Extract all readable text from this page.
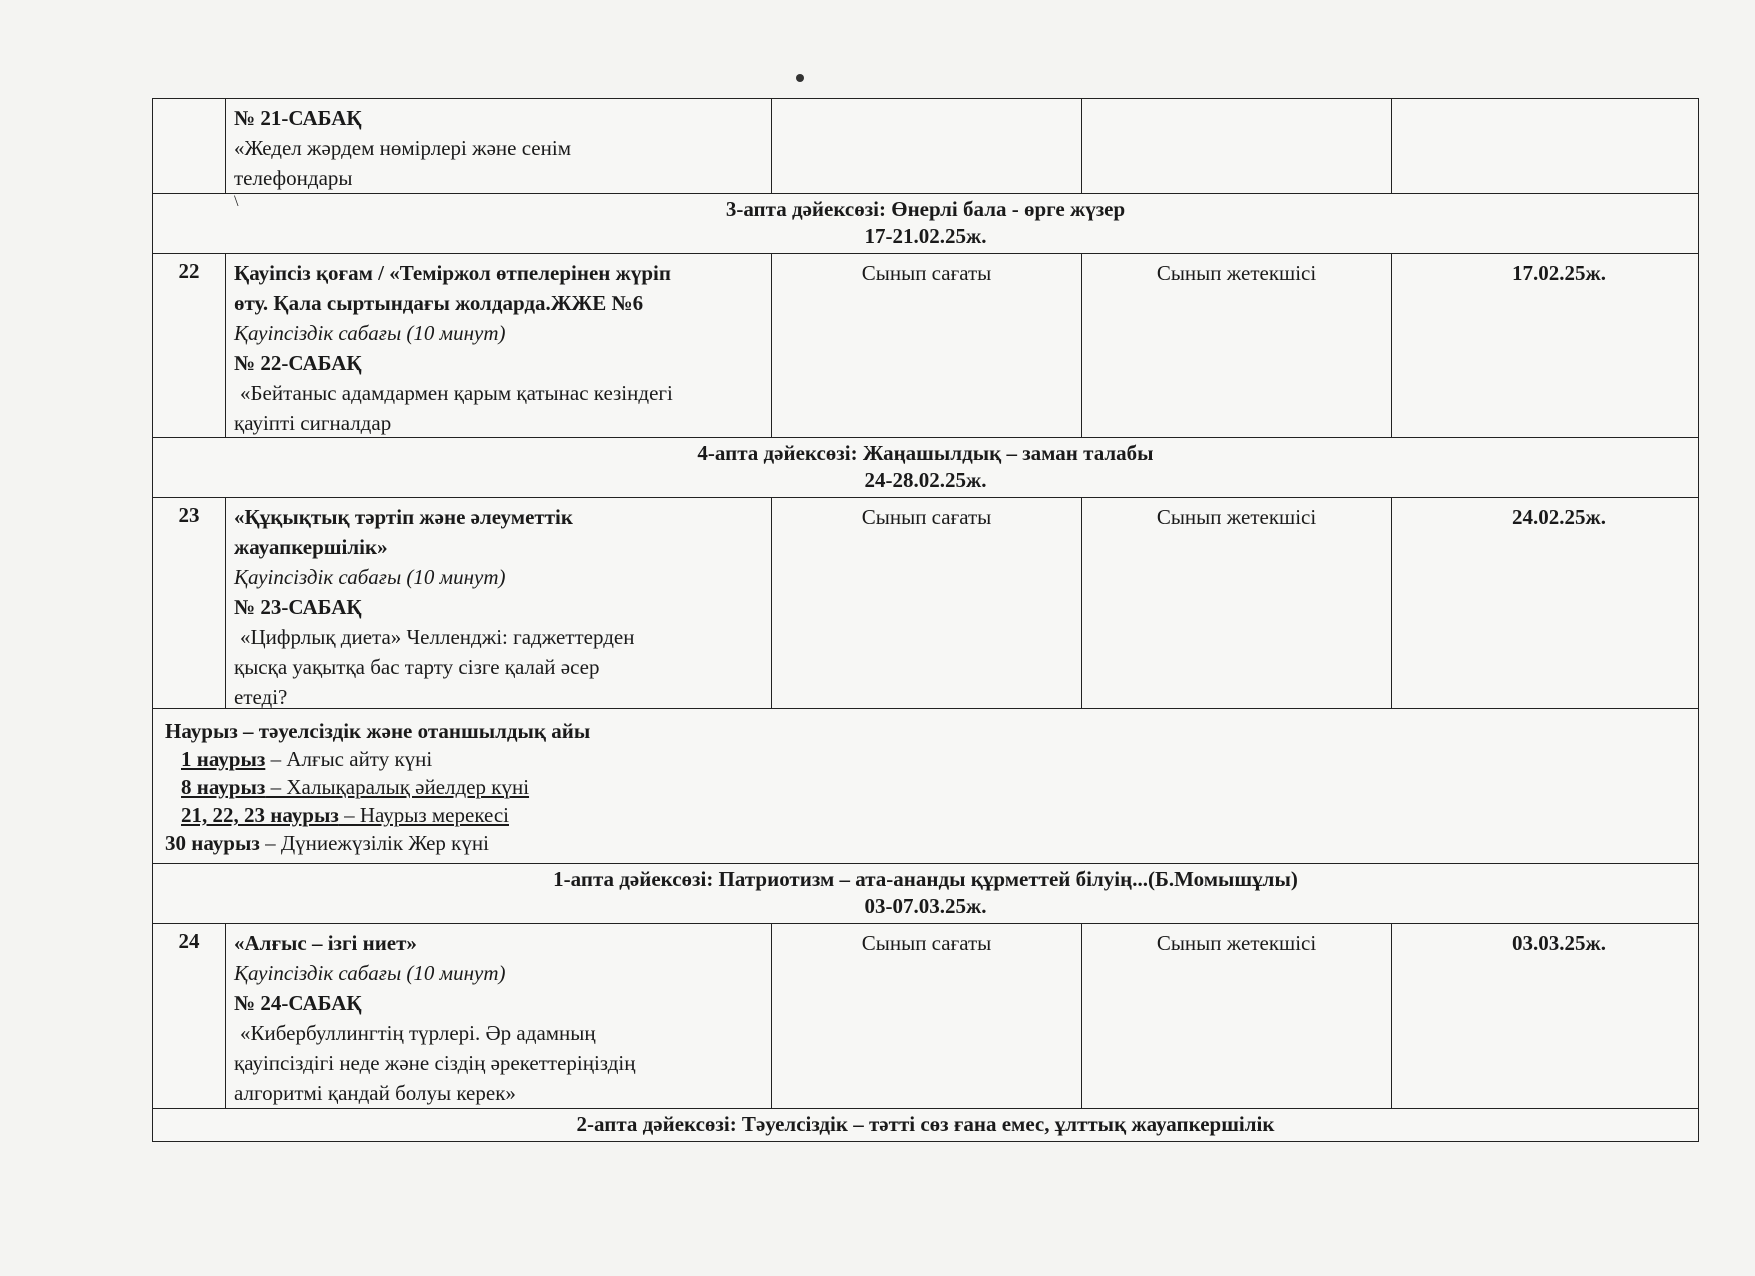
№ 21-САБАҚ
«Жедел жәрдем нөмірлері және сенім
телефондары
\	3-апта дәйексөзі: Өнерлі бала - өрге жүзер
17-21.02.25ж.
22	Қауіпсіз қоғам / «Теміржол өтпелерінен жүріп
өту. Қала сыртындағы жолдарда.ЖЖЕ №6
Қауіпсіздік сабағы (10 минут)
№ 22-САБАҚ
«Бейтаныс адамдармен қарым қатынас кезіндегі
қауіпті сигналдар
Сынып сағаты	Сынып жетекшісі	17.02.25ж.
4-апта дәйексөзі: Жаңашылдық – заман талабы
24-28.02.25ж.
23	«Құқықтық тәртіп және әлеуметтік
жауапкершілік»
Қауіпсіздік сабағы (10 минут)
№ 23-САБАҚ
«Цифрлық диета» Челленджі: гаджеттерден
қысқа уақытқа бас тарту сізге қалай әсер
етеді?
Сынып сағаты	Сынып жетекшісі	24.02.25ж.
Наурыз – тәуелсіздік және отаншылдық айы
1 наурыз – Алғыс айту күні
8 наурыз – Халықаралық әйелдер күні
21, 22, 23 наурыз – Наурыз мерекесі
30 наурыз – Дүниежүзілік Жер күні
1-апта дәйексөзі: Патриотизм – ата-ананды құрметтей білуің...(Б.Момышұлы)
03-07.03.25ж.
24	«Алғыс – ізгі ниет»
Қауіпсіздік сабағы (10 минут)
№ 24-САБАҚ
«Кибербуллингтің түрлері. Әр адамның
қауіпсіздігі неде және сіздің әрекеттеріңіздің
алгоритмі қандай болуы керек»
Сынып сағаты	Сынып жетекшісі	03.03.25ж.
2-апта дәйексөзі: Тәуелсіздік – тәтті сөз ғана емес, ұлттық жауапкершілік
